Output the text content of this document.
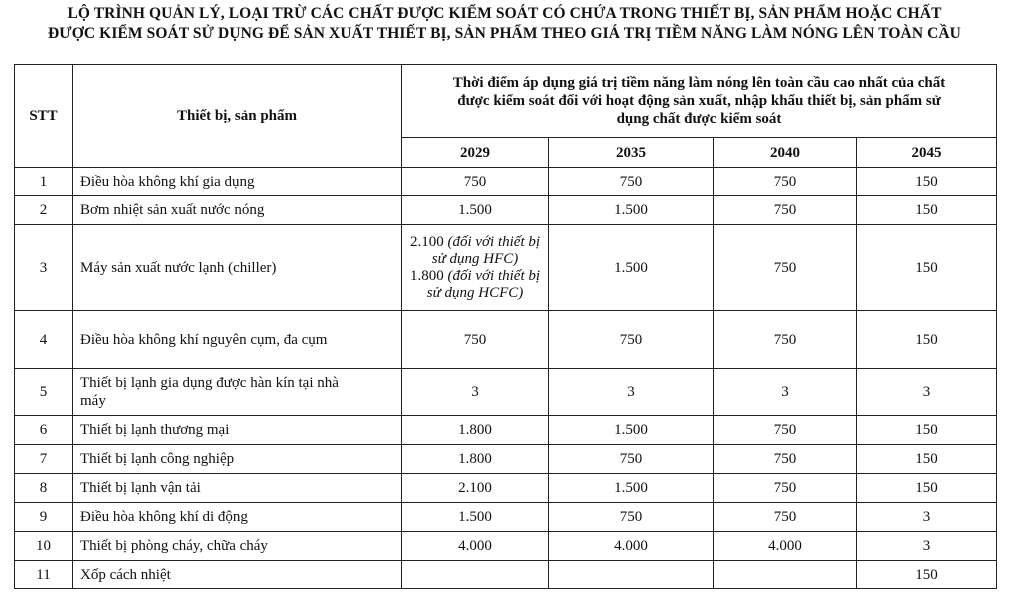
LỘ TRÌNH QUẢN LÝ, LOẠI TRỪ CÁC CHẤT ĐƯỢC KIỂM SOÁT CÓ CHỨA TRONG THIẾT BỊ, SẢN PHẨM HOẶC CHẤT
ĐƯỢC KIỂM SOÁT SỬ DỤNG ĐỂ SẢN XUẤT THIẾT BỊ, SẢN PHẨM THEO GIÁ TRỊ TIỀM NĂNG LÀM NÓNG LÊN TOÀN CẦU
STT	Thiết bị, sản phẩm	Thời điểm áp dụng giá trị tiềm năng làm nóng lên toàn cầu cao nhất của chất
được kiểm soát đối với hoạt động sản xuất, nhập khẩu thiết bị, sản phẩm sử
dụng chất được kiểm soát			

		2029	2035	2040	2045
1	Điều hòa không khí gia dụng	750	750	750	150
2	Bơm nhiệt sản xuất nước nóng	1.500	1.500	750	150
3	Máy sản xuất nước lạnh (chiller)	2.100 (đối với thiết bị
sử dụng HFC)
1.800 (đối với thiết bị
sử dụng HCFC)	1.500	750	150
4	Điều hòa không khí nguyên cụm, đa cụm	750	750	750	150
5	Thiết bị lạnh gia dụng được hàn kín tại nhà
máy	3	3	3	3
6	Thiết bị lạnh thương mại	1.800	1.500	750	150
7	Thiết bị lạnh công nghiệp	1.800	750	750	150
8	Thiết bị lạnh vận tải	2.100	1.500	750	150
9	Điều hòa không khí di động	1.500	750	750	3
10	Thiết bị phòng cháy, chữa cháy	4.000	4.000	4.000	3
11	Xốp cách nhiệt				150
